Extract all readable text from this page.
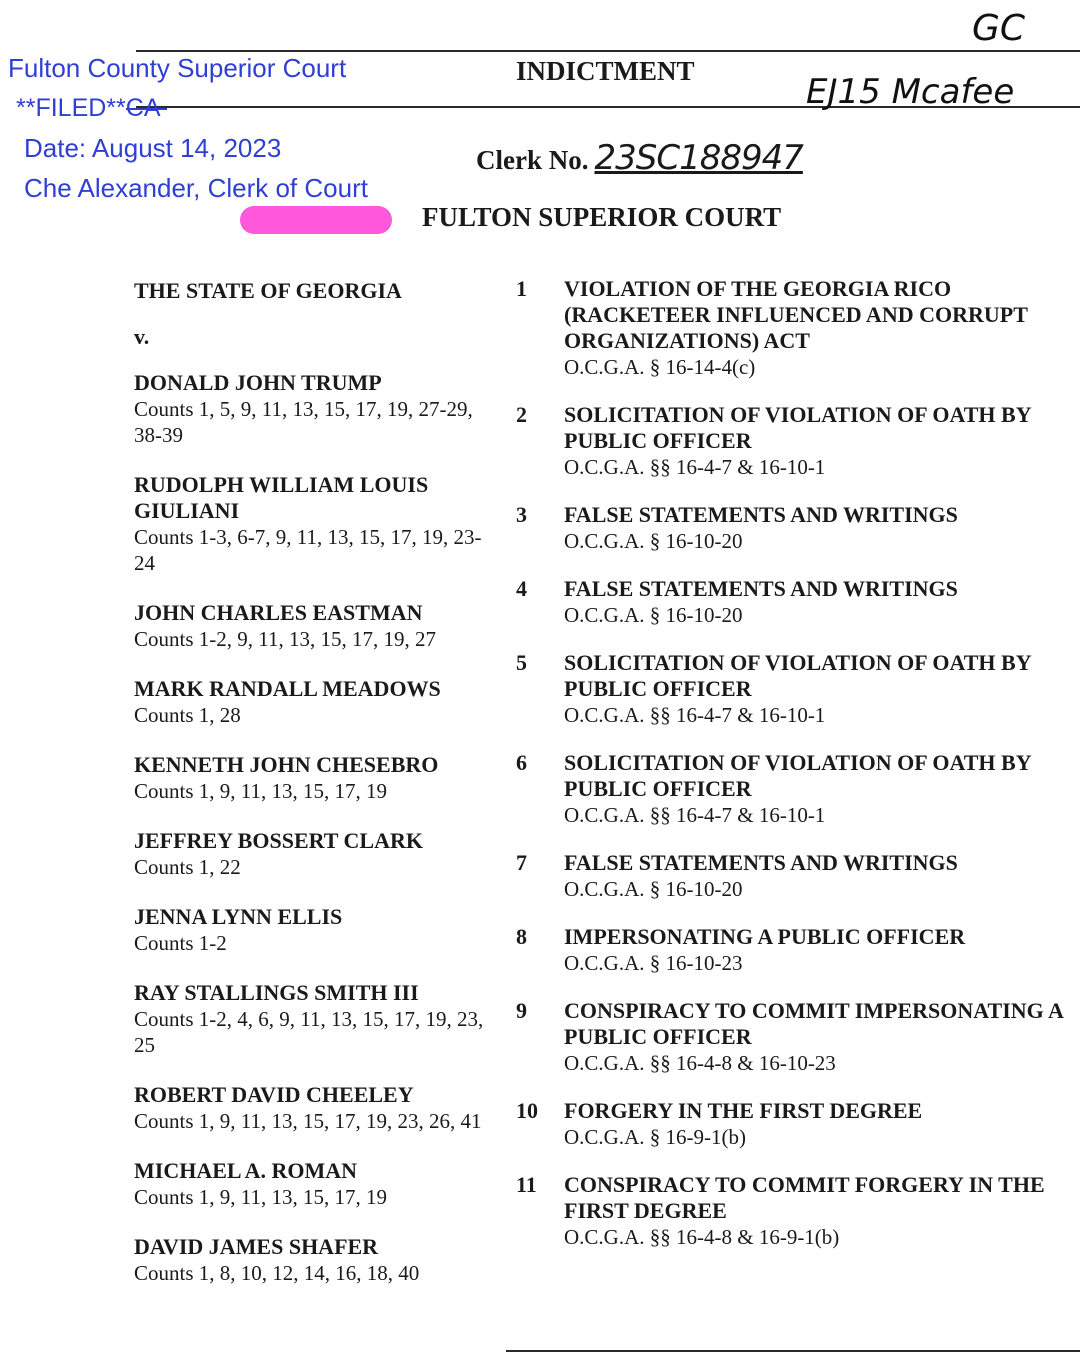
Fulton County Superior Court
**FILED**CA
Date: August 14, 2023
Che Alexander, Clerk of Court
INDICTMENT
GC
EJ15 Mcafee
Clerk No. 23SC188947
FULTON SUPERIOR COURT
THE STATE OF GEORGIA
v.
DONALD JOHN TRUMP
Counts 1, 5, 9, 11, 13, 15, 17, 19, 27-29, 38-39
RUDOLPH WILLIAM LOUIS GIULIANI
Counts 1-3, 6-7, 9, 11, 13, 15, 17, 19, 23-24
JOHN CHARLES EASTMAN
Counts 1-2, 9, 11, 13, 15, 17, 19, 27
MARK RANDALL MEADOWS
Counts 1, 28
KENNETH JOHN CHESEBRO
Counts 1, 9, 11, 13, 15, 17, 19
JEFFREY BOSSERT CLARK
Counts 1, 22
JENNA LYNN ELLIS
Counts 1-2
RAY STALLINGS SMITH III
Counts 1-2, 4, 6, 9, 11, 13, 15, 17, 19, 23, 25
ROBERT DAVID CHEELEY
Counts 1, 9, 11, 13, 15, 17, 19, 23, 26, 41
MICHAEL A. ROMAN
Counts 1, 9, 11, 13, 15, 17, 19
DAVID JAMES SHAFER
Counts 1, 8, 10, 12, 14, 16, 18, 40
1	VIOLATION OF THE GEORGIA RICO (RACKETEER INFLUENCED AND CORRUPT ORGANIZATIONS) ACT
O.C.G.A. § 16-14-4(c)
2	SOLICITATION OF VIOLATION OF OATH BY PUBLIC OFFICER
O.C.G.A. §§ 16-4-7 & 16-10-1
3	FALSE STATEMENTS AND WRITINGS
O.C.G.A. § 16-10-20
4	FALSE STATEMENTS AND WRITINGS
O.C.G.A. § 16-10-20
5	SOLICITATION OF VIOLATION OF OATH BY PUBLIC OFFICER
O.C.G.A. §§ 16-4-7 & 16-10-1
6	SOLICITATION OF VIOLATION OF OATH BY PUBLIC OFFICER
O.C.G.A. §§ 16-4-7 & 16-10-1
7	FALSE STATEMENTS AND WRITINGS
O.C.G.A. § 16-10-20
8	IMPERSONATING A PUBLIC OFFICER
O.C.G.A. § 16-10-23
9	CONSPIRACY TO COMMIT IMPERSONATING A PUBLIC OFFICER
O.C.G.A. §§ 16-4-8 & 16-10-23
10	FORGERY IN THE FIRST DEGREE
O.C.G.A. § 16-9-1(b)
11	CONSPIRACY TO COMMIT FORGERY IN THE FIRST DEGREE
O.C.G.A. §§ 16-4-8 & 16-9-1(b)
